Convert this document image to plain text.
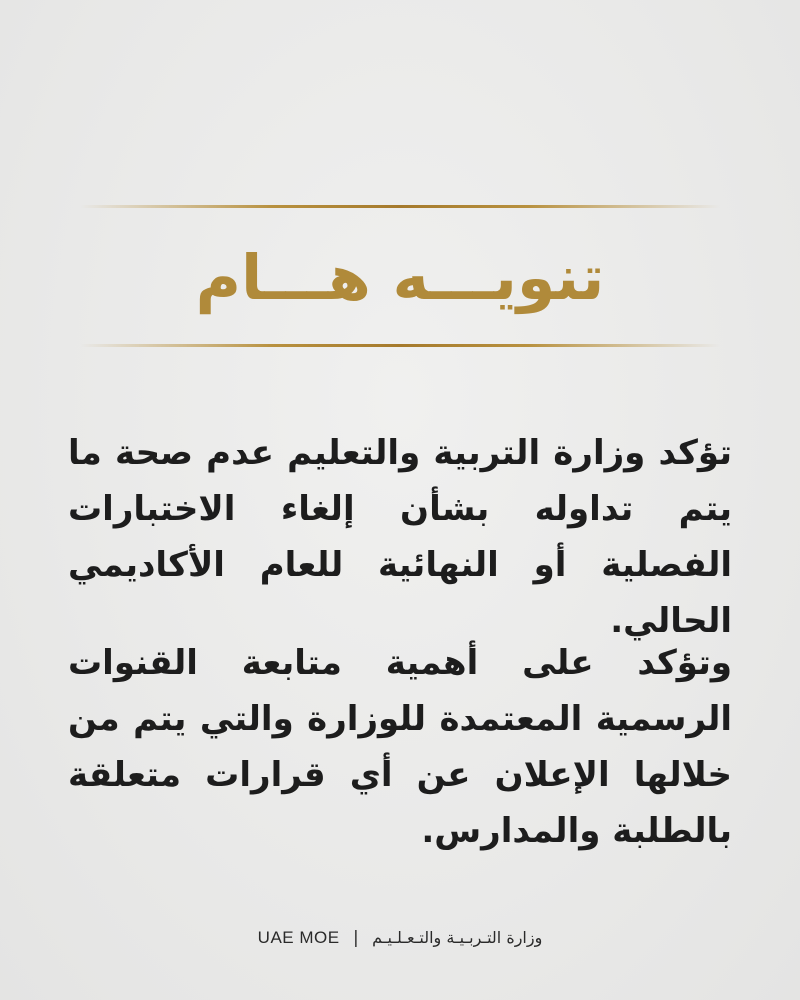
تنويـــه هـــام
تؤكد وزارة التربية والتعليم عدم صحة ما يتم تداوله بشأن إلغاء الاختبارات الفصلية أو النهائية للعام الأكاديمي الحالي.
وتؤكد على أهمية متابعة القنوات الرسمية المعتمدة للوزارة والتي يتم من خلالها الإعلان عن أي قرارات متعلقة بالطلبة والمدارس.
UAE MOE | وزارة التـربـيـة والتـعـلـيـم
